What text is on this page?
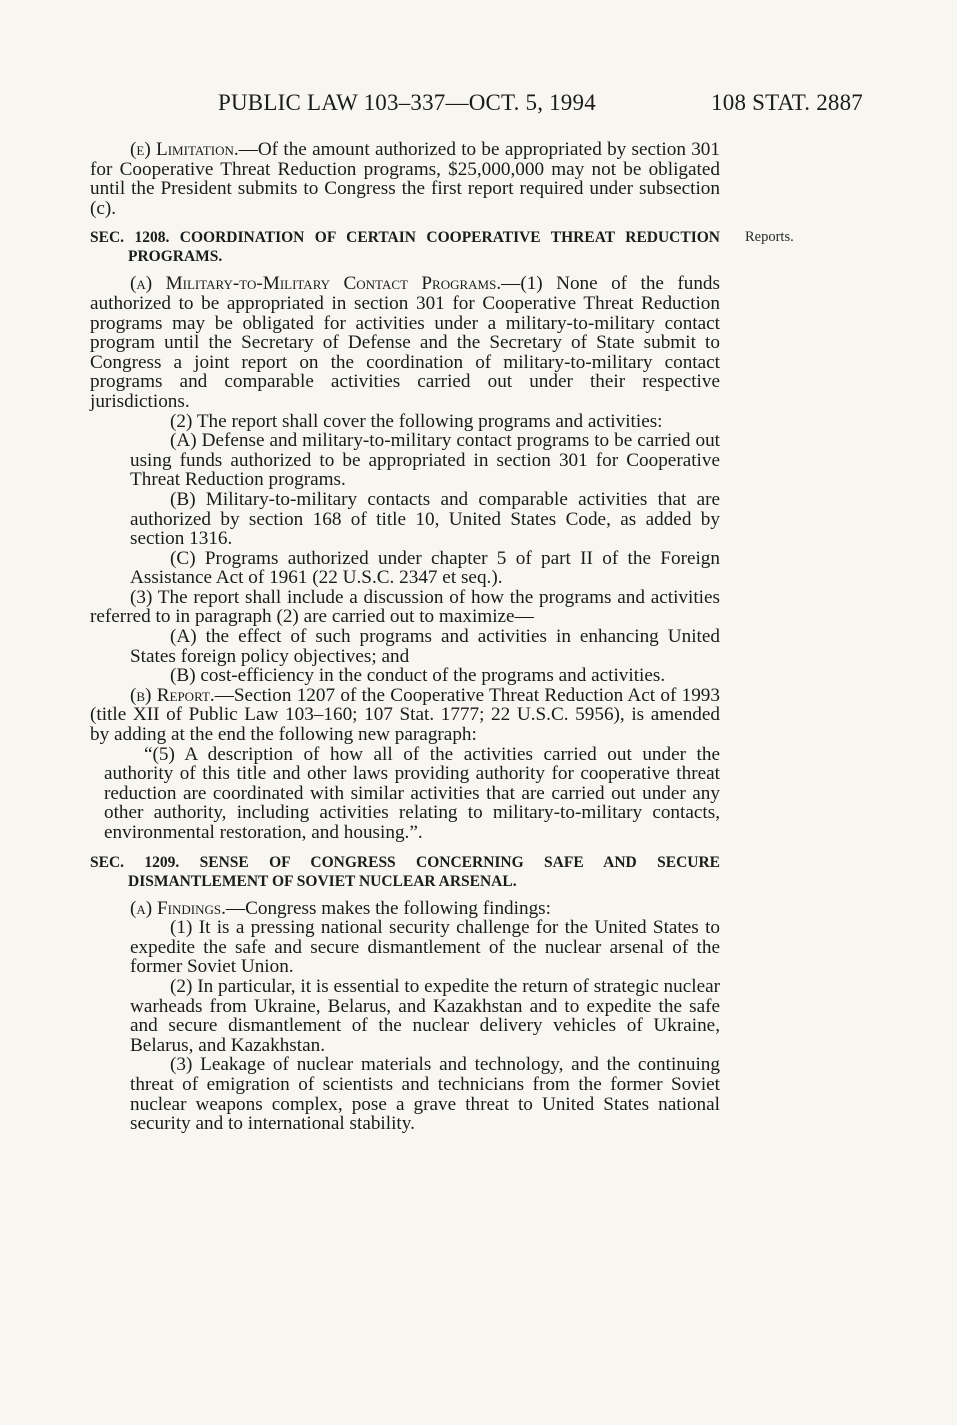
PUBLIC LAW 103–337—OCT. 5, 1994	108 STAT. 2887
Reports.

(e) Limitation.—Of the amount authorized to be appropriated by section 301 for Cooperative Threat Reduction programs, $25,000,000 may not be obligated until the President submits to Congress the first report required under subsection (c).

SEC. 1208. COORDINATION OF CERTAIN COOPERATIVE THREAT REDUCTION PROGRAMS.

(a) Military-to-Military Contact Programs.—(1) None of the funds authorized to be appropriated in section 301 for Cooperative Threat Reduction programs may be obligated for activities under a military-to-military contact program until the Secretary of Defense and the Secretary of State submit to Congress a joint report on the coordination of military-to-military contact programs and comparable activities carried out under their respective jurisdictions.

(2) The report shall cover the following programs and activities:

(A) Defense and military-to-military contact programs to be carried out using funds authorized to be appropriated in section 301 for Cooperative Threat Reduction programs.

(B) Military-to-military contacts and comparable activities that are authorized by section 168 of title 10, United States Code, as added by section 1316.

(C) Programs authorized under chapter 5 of part II of the Foreign Assistance Act of 1961 (22 U.S.C. 2347 et seq.).

(3) The report shall include a discussion of how the programs and activities referred to in paragraph (2) are carried out to maximize—

(A) the effect of such programs and activities in enhancing United States foreign policy objectives; and

(B) cost-efficiency in the conduct of the programs and activities.

(b) Report.—Section 1207 of the Cooperative Threat Reduction Act of 1993 (title XII of Public Law 103–160; 107 Stat. 1777; 22 U.S.C. 5956), is amended by adding at the end the following new paragraph:

“(5) A description of how all of the activities carried out under the authority of this title and other laws providing authority for cooperative threat reduction are coordinated with similar activities that are carried out under any other authority, including activities relating to military-to-military contacts, environmental restoration, and housing.”.

SEC. 1209. SENSE OF CONGRESS CONCERNING SAFE AND SECURE DISMANTLEMENT OF SOVIET NUCLEAR ARSENAL.

(a) Findings.—Congress makes the following findings:

(1) It is a pressing national security challenge for the United States to expedite the safe and secure dismantlement of the nuclear arsenal of the former Soviet Union.

(2) In particular, it is essential to expedite the return of strategic nuclear warheads from Ukraine, Belarus, and Kazakhstan and to expedite the safe and secure dismantlement of the nuclear delivery vehicles of Ukraine, Belarus, and Kazakhstan.

(3) Leakage of nuclear materials and technology, and the continuing threat of emigration of scientists and technicians from the former Soviet nuclear weapons complex, pose a grave threat to United States national security and to international stability.
